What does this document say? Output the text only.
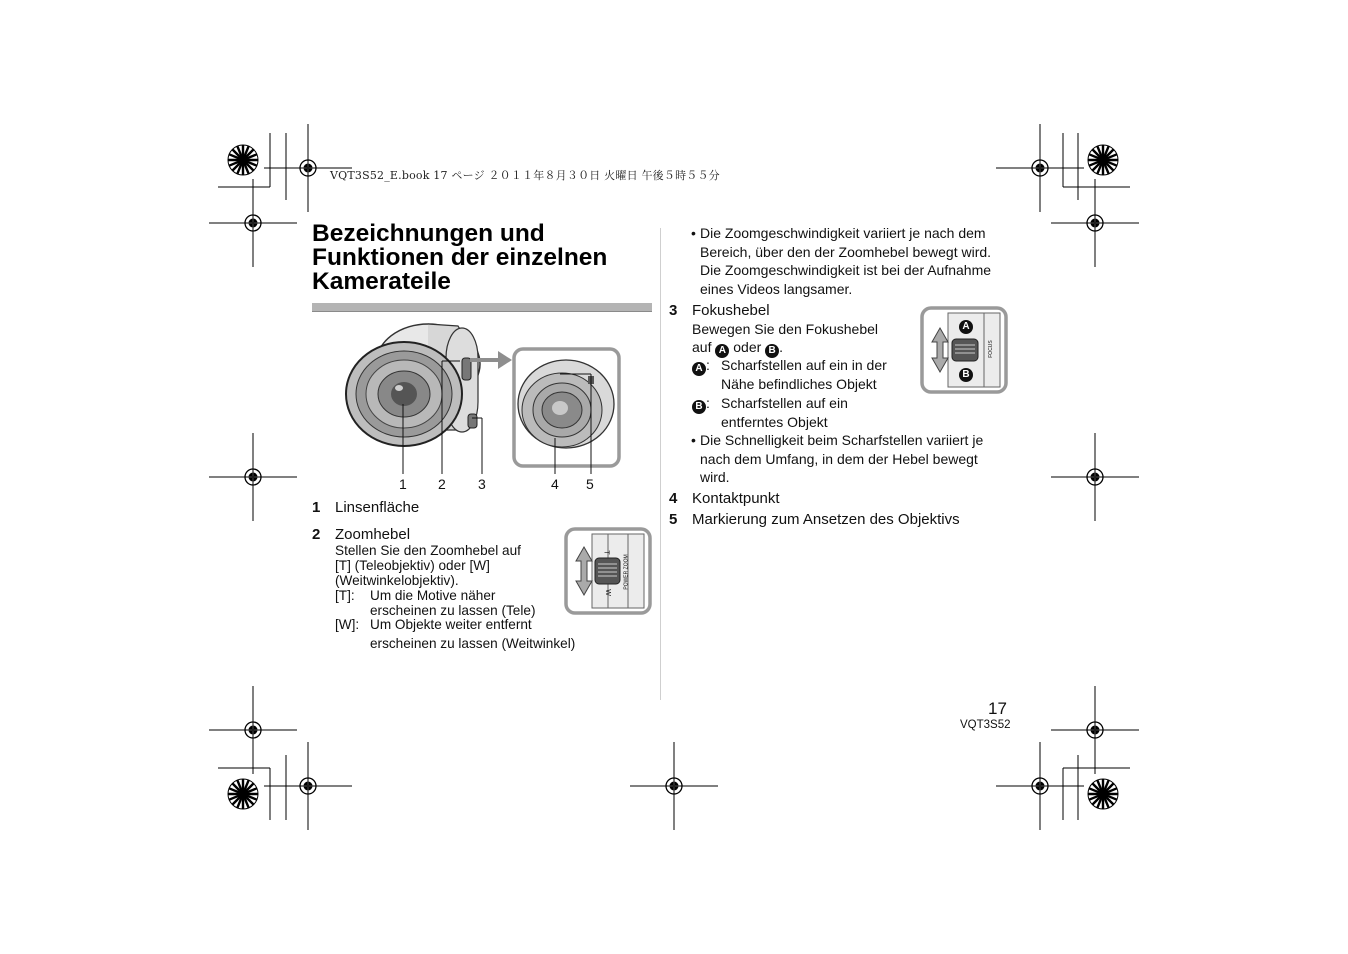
VQT3S52_E.book 17 ページ ２０１１年８月３０日 火曜日 午後５時５５分
Bezeichnungen und
Funktionen der einzelnen
Kamerateile
1 2 3	4 5
1 Linsenfläche
2 Zoomhebel
Stellen Sie den Zoomhebel auf
[T] (Teleobjektiv) oder [W]
(Weitwinkelobjektiv).
[T]: Um die Motive näher
erscheinen zu lassen (Tele)
[W]: Um Objekte weiter entfernt
erscheinen zu lassen (Weitwinkel)
T
W
POWER ZOOM
• Die Zoomgeschwindigkeit variiert je nach dem
Bereich, über den der Zoomhebel bewegt wird.
Die Zoomgeschwindigkeit ist bei der Aufnahme
eines Videos langsamer.
3 Fokushebel
Bewegen Sie den Fokushebel
auf A oder B .
A : Scharfstellen auf ein in der
Nähe befindliches Objekt
B : Scharfstellen auf ein
entferntes Objekt
A
B
FOCUS
• Die Schnelligkeit beim Scharfstellen variiert je
nach dem Umfang, in dem der Hebel bewegt
wird.
4 Kontaktpunkt
5 Markierung zum Ansetzen des Objektivs
17
VQT3S52
